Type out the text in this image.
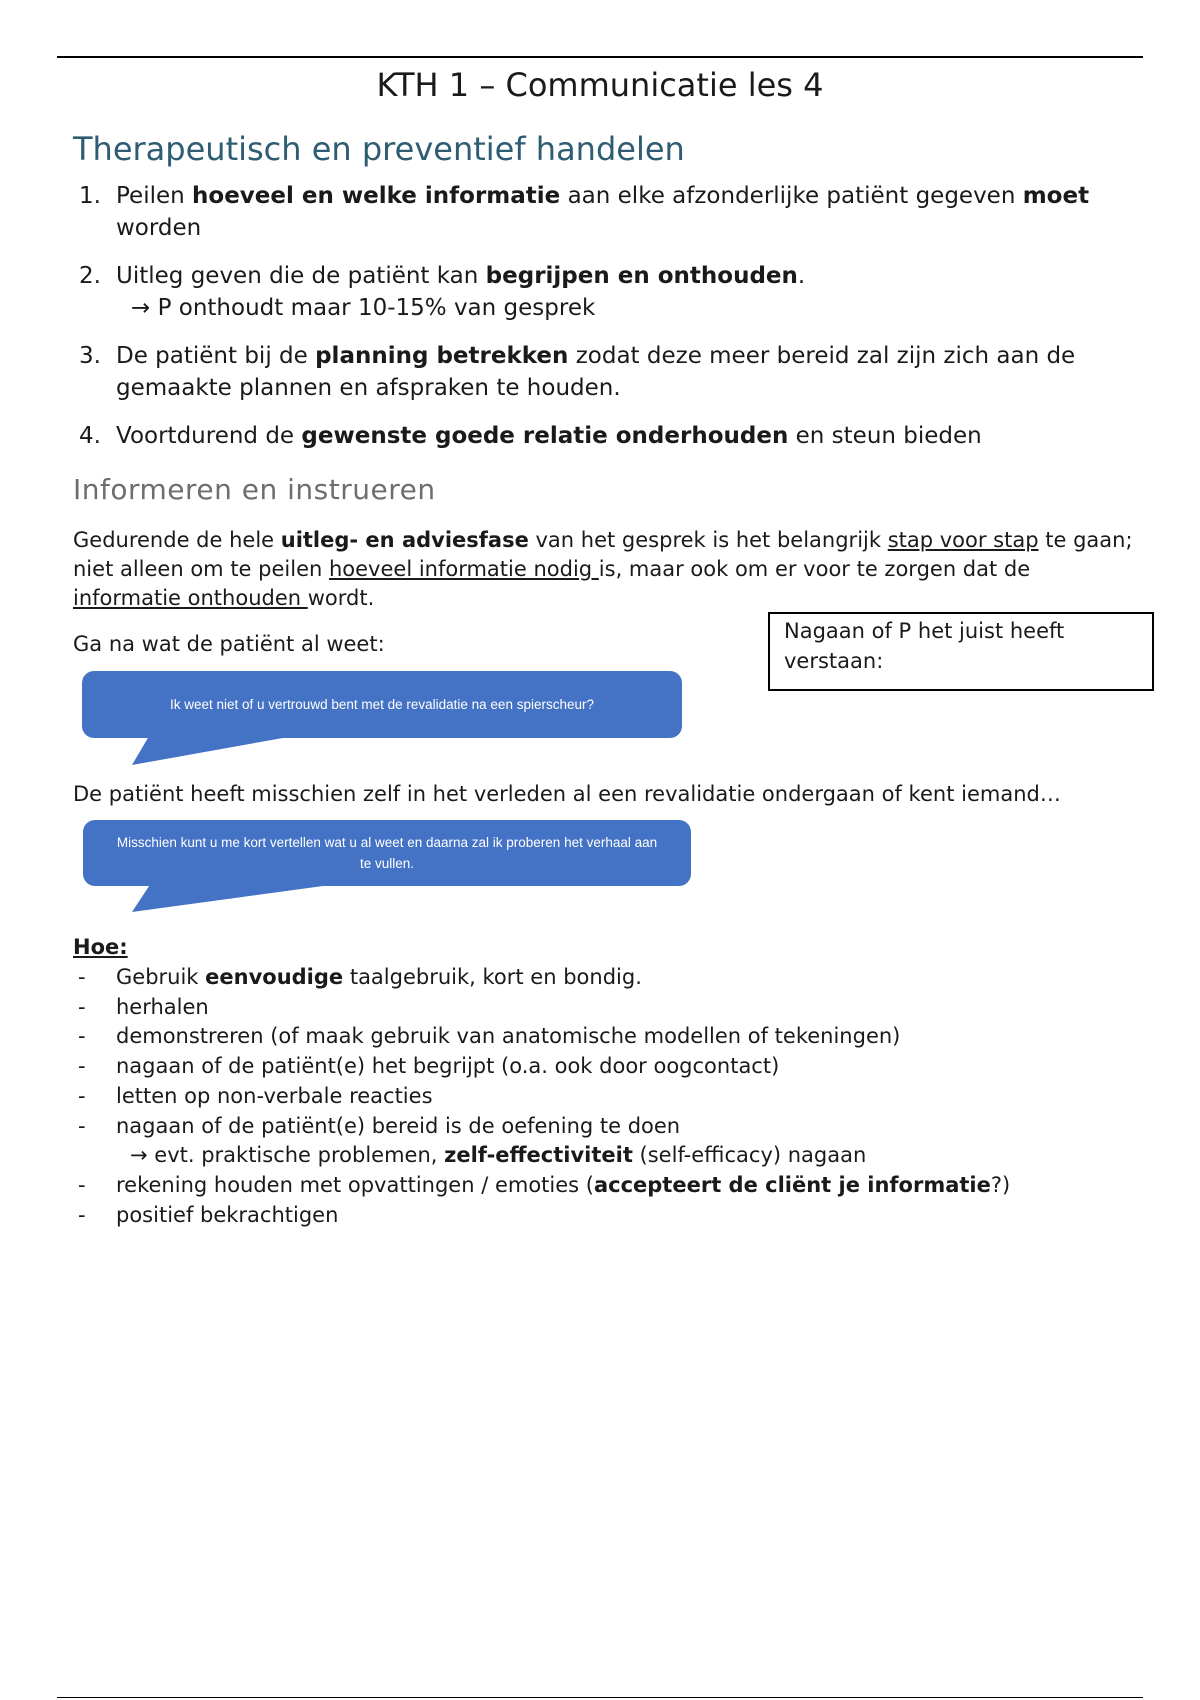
KTH 1 – Communicatie les 4
Therapeutisch en preventief handelen
1. Peilen hoeveel en welke informatie aan elke afzonderlijke patiënt gegeven moet worden
2. Uitleg geven die de patiënt kan begrijpen en onthouden.
→ P onthoudt maar 10-15% van gesprek
3. De patiënt bij de planning betrekken zodat deze meer bereid zal zijn zich aan de gemaakte plannen en afspraken te houden.
4. Voortdurend de gewenste goede relatie onderhouden en steun bieden
Informeren en instrueren
Gedurende de hele uitleg- en adviesfase van het gesprek is het belangrijk stap voor stap te gaan; niet alleen om te peilen hoeveel informatie nodig is, maar ook om er voor te zorgen dat de informatie onthouden wordt.
Ga na wat de patiënt al weet:
Nagaan of P het juist heeft verstaan:
Ik weet niet of u vertrouwd bent met de revalidatie na een spierscheur?
De patiënt heeft misschien zelf in het verleden al een revalidatie ondergaan of kent iemand…
Misschien kunt u me kort vertellen wat u al weet en daarna zal ik proberen het verhaal aan te vullen.
Hoe:
- Gebruik eenvoudige taalgebruik, kort en bondig.
- herhalen
- demonstreren (of maak gebruik van anatomische modellen of tekeningen)
- nagaan of de patiënt(e) het begrijpt (o.a. ook door oogcontact)
- letten op non-verbale reacties
- nagaan of de patiënt(e) bereid is de oefening te doen
→ evt. praktische problemen, zelf-effectiviteit (self-efficacy) nagaan
- rekening houden met opvattingen / emoties (accepteert de cliënt je informatie?)
- positief bekrachtigen
